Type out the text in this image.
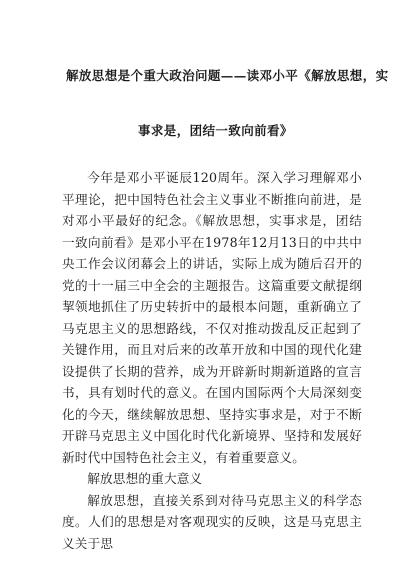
解放思想是个重大政治问题——读邓小平《解放思想，实
事求是，团结一致向前看》

今年是邓小平诞辰120周年。深入学习理解邓小平理论，把中国特色社会主义事业不断推向前进，是对邓小平最好的纪念。《解放思想，实事求是，团结一致向前看》是邓小平在1978年12月13日的中共中央工作会议闭幕会上的讲话，实际上成为随后召开的党的十一届三中全会的主题报告。这篇重要文献提纲挈领地抓住了历史转折中的最根本问题，重新确立了马克思主义的思想路线，不仅对推动拨乱反正起到了关键作用，而且对后来的改革开放和中国的现代化建设提供了长期的营养，成为开辟新时期新道路的宣言书，具有划时代的意义。在国内国际两个大局深刻变化的今天，继续解放思想、坚持实事求是，对于不断开辟马克思主义中国化时代化新境界、坚持和发展好新时代中国特色社会主义，有着重要意义。

解放思想的重大意义

解放思想，直接关系到对待马克思主义的科学态度。人们的思想是对客观现实的反映，这是马克思主义关于思
